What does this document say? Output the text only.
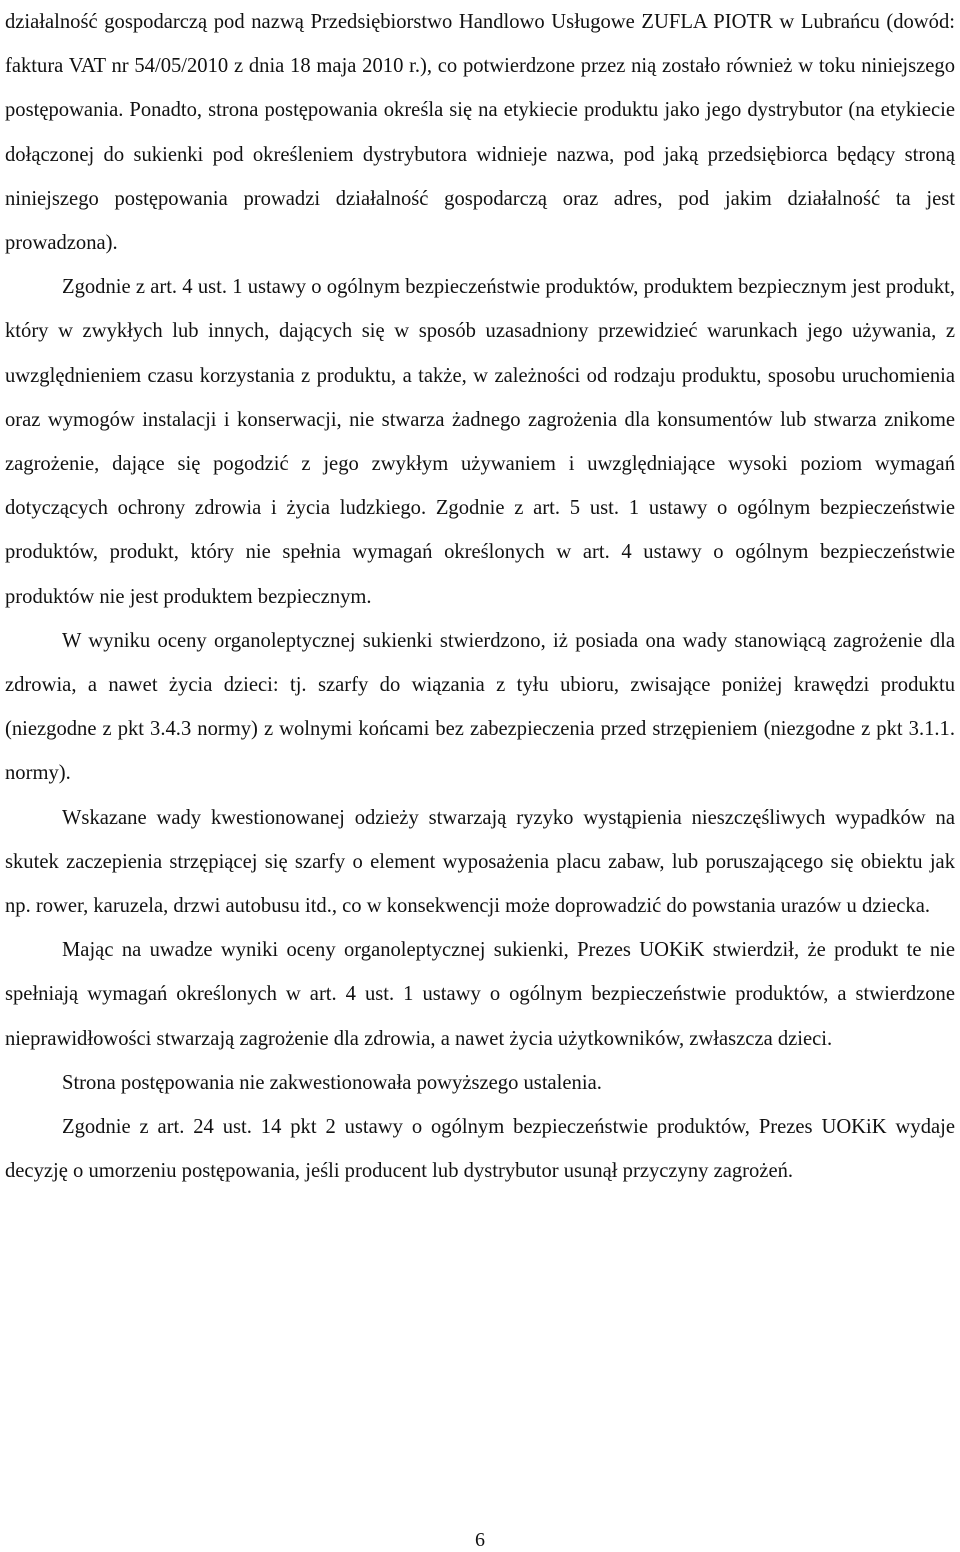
działalność gospodarczą pod nazwą Przedsiębiorstwo Handlowo Usługowe ZUFLA PIOTR w Lubrańcu (dowód: faktura VAT nr 54/05/2010 z dnia 18 maja 2010 r.), co potwierdzone przez nią zostało również w toku niniejszego postępowania. Ponadto, strona postępowania określa się na etykiecie produktu jako jego dystrybutor (na etykiecie dołączonej do sukienki pod określeniem dystrybutora widnieje nazwa, pod jaką przedsiębiorca będący stroną niniejszego postępowania prowadzi działalność gospodarczą oraz adres, pod jakim działalność ta jest prowadzona).

Zgodnie z art. 4 ust. 1 ustawy o ogólnym bezpieczeństwie produktów, produktem bezpiecznym jest produkt, który w zwykłych lub innych, dających się w sposób uzasadniony przewidzieć warunkach jego używania, z uwzględnieniem czasu korzystania z produktu, a także, w zależności od rodzaju produktu, sposobu uruchomienia oraz wymogów instalacji i konserwacji, nie stwarza żadnego zagrożenia dla konsumentów lub stwarza znikome zagrożenie, dające się pogodzić z jego zwykłym używaniem i uwzględniające wysoki poziom wymagań dotyczących ochrony zdrowia i życia ludzkiego. Zgodnie z art. 5 ust. 1 ustawy o ogólnym bezpieczeństwie produktów, produkt, który nie spełnia wymagań określonych w art. 4 ustawy o ogólnym bezpieczeństwie produktów nie jest produktem bezpiecznym.

W wyniku oceny organoleptycznej sukienki stwierdzono, iż posiada ona wady stanowiącą zagrożenie dla zdrowia, a nawet życia dzieci: tj. szarfy do wiązania z tyłu ubioru, zwisające poniżej krawędzi produktu (niezgodne z pkt 3.4.3 normy) z wolnymi końcami bez zabezpieczenia przed strzępieniem (niezgodne z pkt 3.1.1. normy).

Wskazane wady kwestionowanej odzieży stwarzają ryzyko wystąpienia nieszczęśliwych wypadków na skutek zaczepienia strzępiącej się szarfy o element wyposażenia placu zabaw, lub poruszającego się obiektu jak np. rower, karuzela, drzwi autobusu itd., co w konsekwencji może doprowadzić do powstania urazów u dziecka.

Mając na uwadze wyniki oceny organoleptycznej sukienki, Prezes UOKiK stwierdził, że produkt te nie spełniają wymagań określonych w art. 4 ust. 1 ustawy o ogólnym bezpieczeństwie produktów, a stwierdzone nieprawidłowości stwarzają zagrożenie dla zdrowia, a nawet życia użytkowników, zwłaszcza dzieci.

Strona postępowania nie zakwestionowała powyższego ustalenia.

Zgodnie z art. 24 ust. 14 pkt 2 ustawy o ogólnym bezpieczeństwie produktów, Prezes UOKiK wydaje decyzję o umorzeniu postępowania, jeśli producent lub dystrybutor usunął przyczyny zagrożeń.

6
